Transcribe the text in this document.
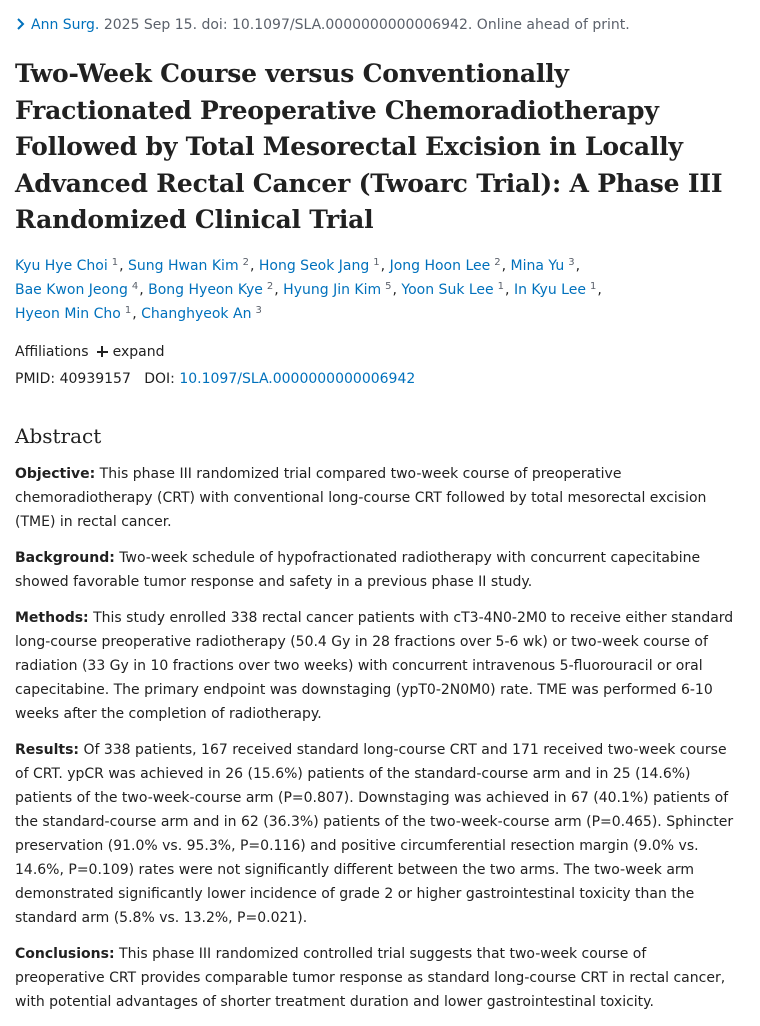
Ann Surg. 2025 Sep 15. doi: 10.1097/SLA.0000000000006942. Online ahead of print.
Two-Week Course versus Conventionally Fractionated Preoperative Chemoradiotherapy Followed by Total Mesorectal Excision in Locally Advanced Rectal Cancer (Twoarc Trial): A Phase III Randomized Clinical Trial
Kyu Hye Choi $^1$, Sung Hwan Kim $^2$, Hong Seok Jang $^1$, Jong Hoon Lee $^2$, Mina Yu $^3$,
Bae Kwon Jeong $^4$, Bong Hyeon Kye $^2$, Hyung Jin Kim $^5$, Yoon Suk Lee $^1$, In Kyu Lee $^1$,
Hyeon Min Cho $^1$, Changhyeok An $^3$
Affiliations expand
PMID: 40939157 DOI: 10.1097/SLA.0000000000006942
Abstract

Objective: This phase III randomized trial compared two-week course of preoperative chemoradiotherapy (CRT) with conventional long-course CRT followed by total mesorectal excision (TME) in rectal cancer.

Background: Two-week schedule of hypofractionated radiotherapy with concurrent capecitabine showed favorable tumor response and safety in a previous phase II study.

Methods: This study enrolled 338 rectal cancer patients with cT3-4N0-2M0 to receive either standard long-course preoperative radiotherapy (50.4 Gy in 28 fractions over 5-6 wk) or two-week course of radiation (33 Gy in 10 fractions over two weeks) with concurrent intravenous 5-fluorouracil or oral capecitabine. The primary endpoint was downstaging (ypT0-2N0M0) rate. TME was performed 6-10 weeks after the completion of radiotherapy.

Results: Of 338 patients, 167 received standard long-course CRT and 171 received two-week course of CRT. ypCR was achieved in 26 (15.6%) patients of the standard-course arm and in 25 (14.6%) patients of the two-week-course arm (P=0.807). Downstaging was achieved in 67 (40.1%) patients of the standard-course arm and in 62 (36.3%) patients of the two-week-course arm (P=0.465). Sphincter preservation (91.0% vs. 95.3%, P=0.116) and positive circumferential resection margin (9.0% vs. 14.6%, P=0.109) rates were not significantly different between the two arms. The two-week arm demonstrated significantly lower incidence of grade 2 or higher gastrointestinal toxicity than the standard arm (5.8% vs. 13.2%, P=0.021).

Conclusions: This phase III randomized controlled trial suggests that two-week course of preoperative CRT provides comparable tumor response as standard long-course CRT in rectal cancer, with potential advantages of shorter treatment duration and lower gastrointestinal toxicity.
